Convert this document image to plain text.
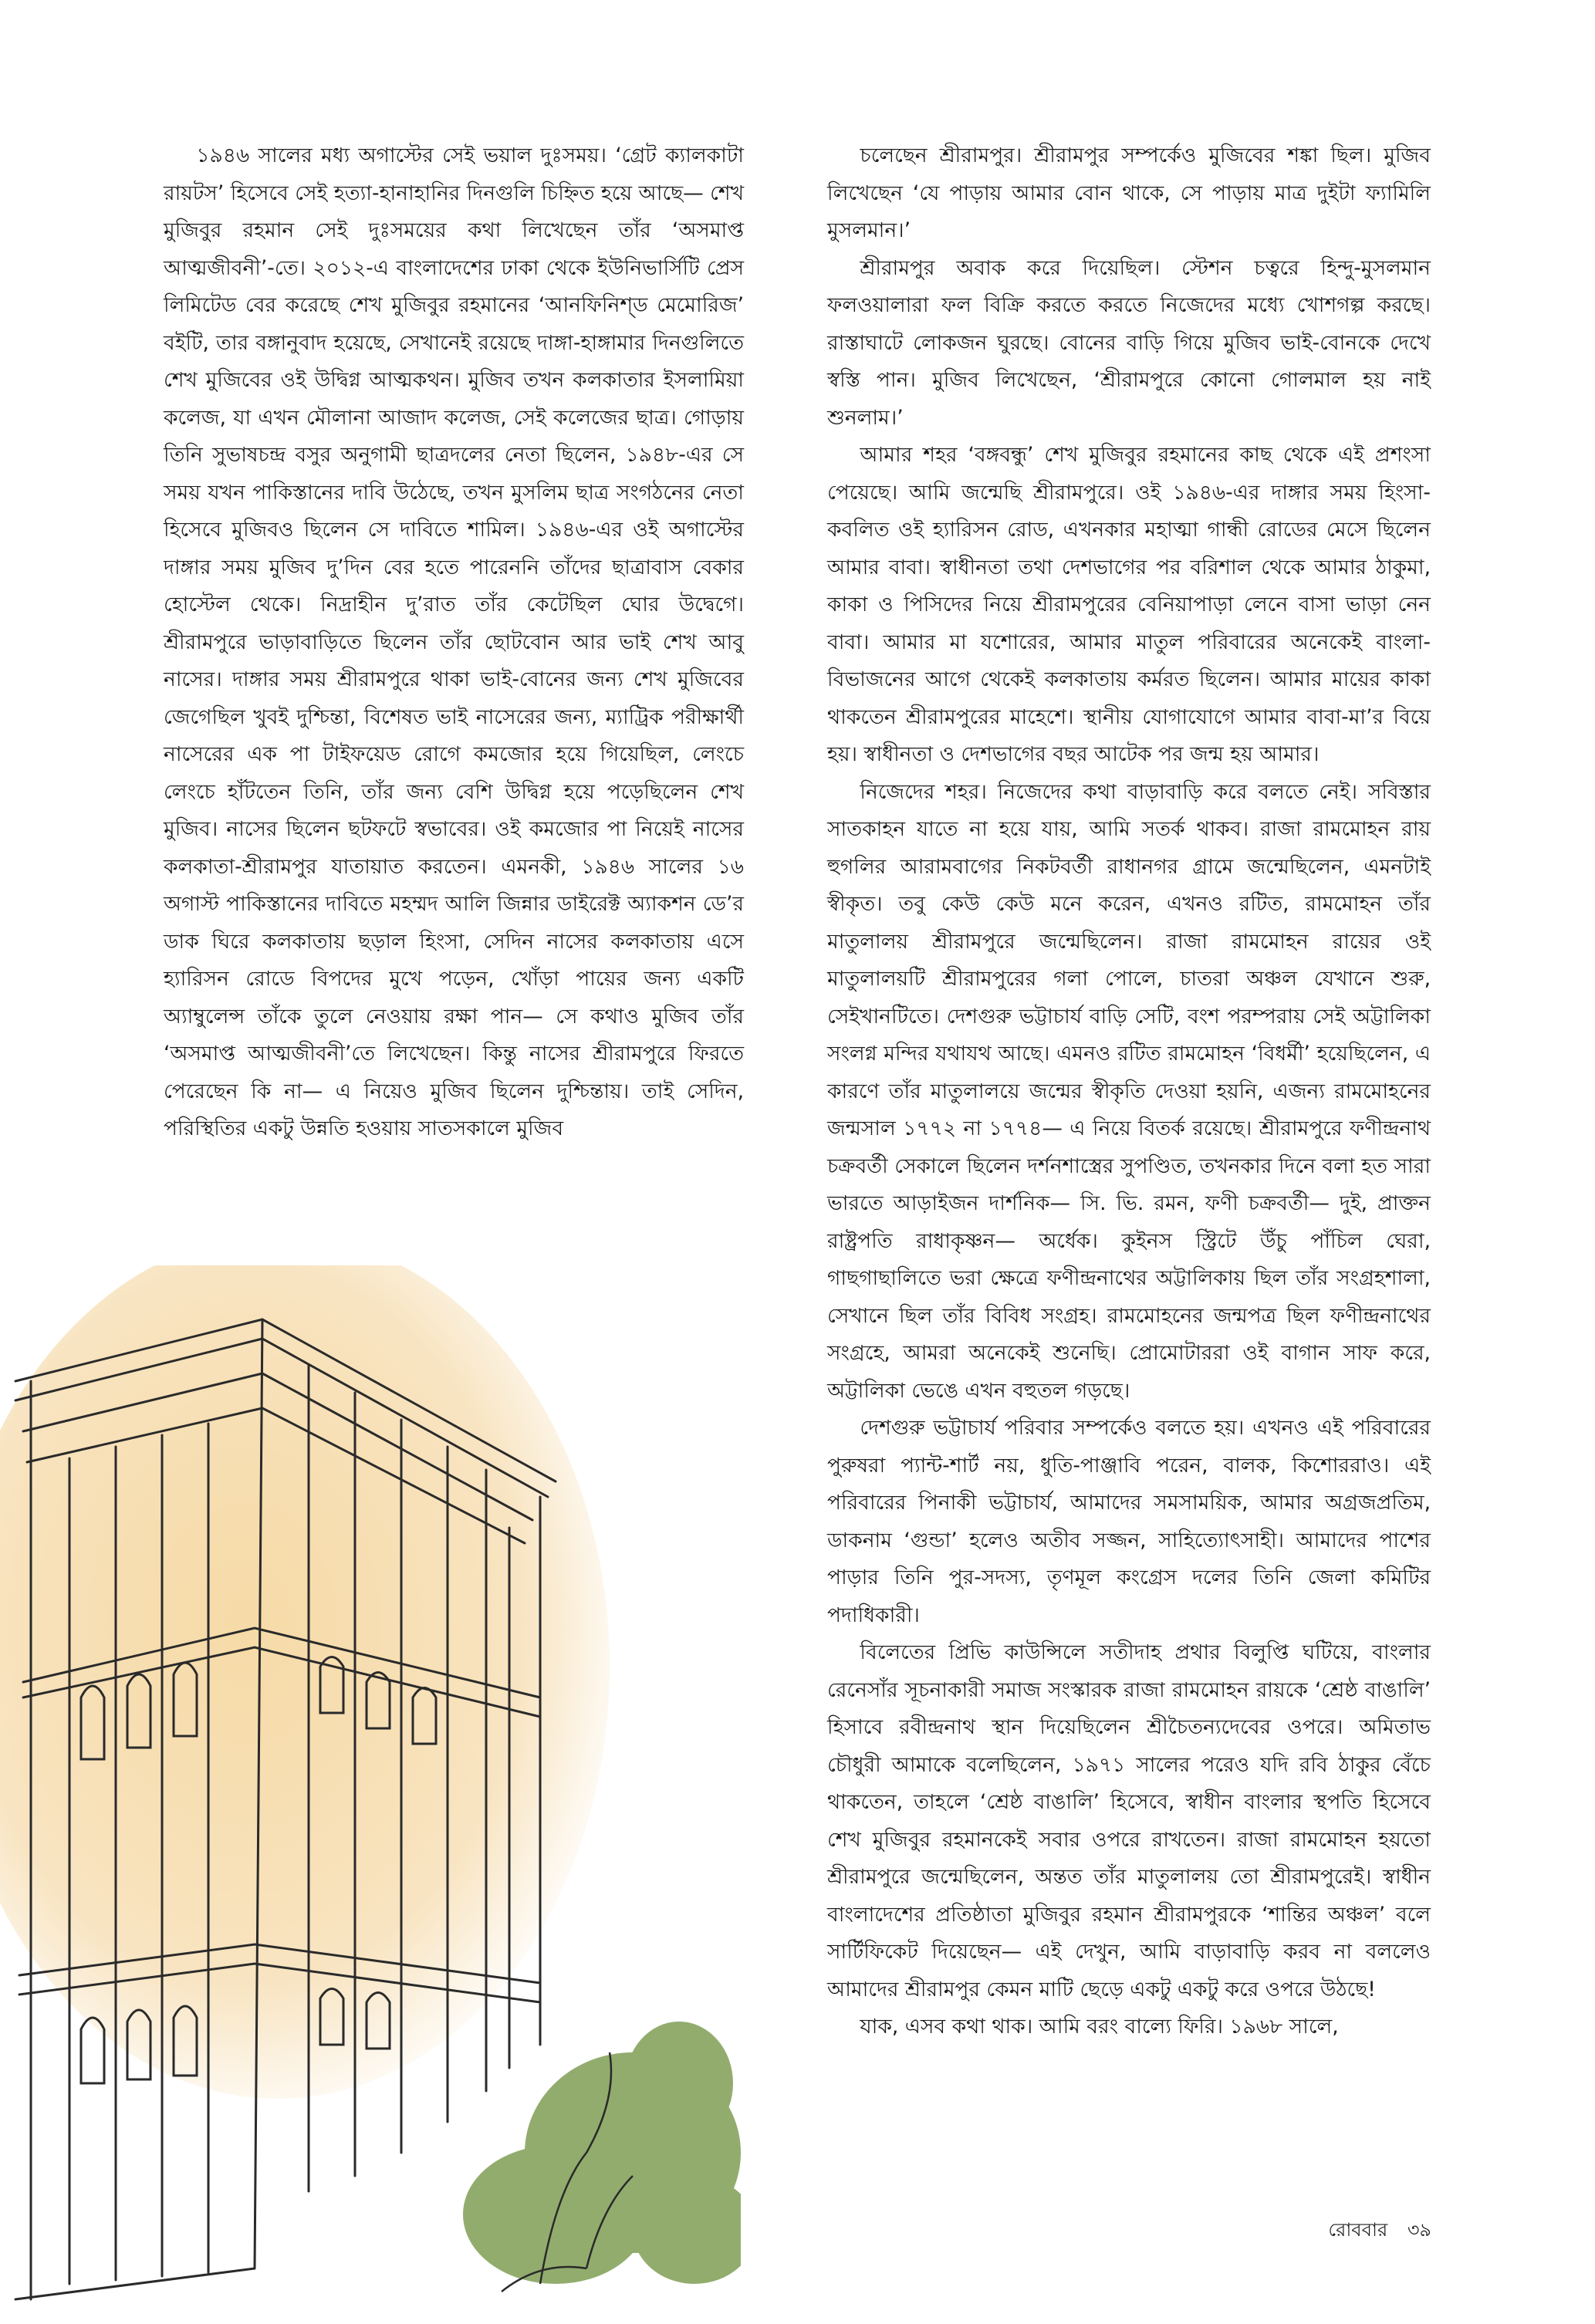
১৯৪৬ সালের মধ্য অগাস্টের সেই ভয়াল দুঃসময়। ‘গ্রেট ক্যালকাটা রায়টস’ হিসেবে সেই হত্যা-হানাহানির দিনগুলি চিহ্নিত হয়ে আছে— শেখ মুজিবুর রহমান সেই দুঃসময়ের কথা লিখেছেন তাঁর ‘অসমাপ্ত আত্মজীবনী’-তে। ২০১২-এ বাংলাদেশের ঢাকা থেকে ইউনিভার্সিটি প্রেস লিমিটেড বের করেছে শেখ মুজিবুর রহমানের ‘আনফিনিশ্‌ড মেমোরিজ’ বইটি, তার বঙ্গানুবাদ হয়েছে, সেখানেই রয়েছে দাঙ্গা-হাঙ্গামার দিনগুলিতে শেখ মুজিবের ওই উদ্বিগ্ন আত্মকথন। মুজিব তখন কলকাতার ইসলামিয়া কলেজ, যা এখন মৌলানা আজাদ কলেজ, সেই কলেজের ছাত্র। গোড়ায় তিনি সুভাষচন্দ্র বসুর অনুগামী ছাত্রদলের নেতা ছিলেন, ১৯৪৮-এর সে সময় যখন পাকিস্তানের দাবি উঠেছে, তখন মুসলিম ছাত্র সংগঠনের নেতা হিসেবে মুজিবও ছিলেন সে দাবিতে শামিল। ১৯৪৬-এর ওই অগাস্টের দাঙ্গার সময় মুজিব দু’দিন বের হতে পারেননি তাঁদের ছাত্রাবাস বেকার হোস্টেল থেকে। নিদ্রাহীন দু’রাত তাঁর কেটেছিল ঘোর উদ্বেগে। শ্রীরামপুরে ভাড়াবাড়িতে ছিলেন তাঁর ছোটবোন আর ভাই শেখ আবু নাসের। দাঙ্গার সময় শ্রীরামপুরে থাকা ভাই-বোনের জন্য শেখ মুজিবের জেগেছিল খুবই দুশ্চিন্তা, বিশেষত ভাই নাসেরের জন্য, ম্যাট্রিক পরীক্ষার্থী নাসেরের এক পা টাইফয়েড রোগে কমজোর হয়ে গিয়েছিল, লেংচে লেংচে হাঁটতেন তিনি, তাঁর জন্য বেশি উদ্বিগ্ন হয়ে পড়েছিলেন শেখ মুজিব। নাসের ছিলেন ছটফটে স্বভাবের। ওই কমজোর পা নিয়েই নাসের কলকাতা-শ্রীরামপুর যাতায়াত করতেন। এমনকী, ১৯৪৬ সালের ১৬ অগাস্ট পাকিস্তানের দাবিতে মহম্মদ আলি জিন্নার ডাইরেক্ট অ্যাকশন ডে’র ডাক ঘিরে কলকাতায় ছড়াল হিংসা, সেদিন নাসের কলকাতায় এসে হ্যারিসন রোডে বিপদের মুখে পড়েন, খোঁড়া পায়ের জন্য একটি অ্যাম্বুলেন্স তাঁকে তুলে নেওয়ায় রক্ষা পান— সে কথাও মুজিব তাঁর ‘অসমাপ্ত আত্মজীবনী’তে লিখেছেন। কিন্তু নাসের শ্রীরামপুরে ফিরতে পেরেছেন কি না— এ নিয়েও মুজিব ছিলেন দুশ্চিন্তায়। তাই সেদিন, পরিস্থিতির একটু উন্নতি হওয়ায় সাতসকালে মুজিব

চলেছেন শ্রীরামপুর। শ্রীরামপুর সম্পর্কেও মুজিবের শঙ্কা ছিল। মুজিব লিখেছেন ‘যে পাড়ায় আমার বোন থাকে, সে পাড়ায় মাত্র দুইটা ফ্যামিলি মুসলমান।’

শ্রীরামপুর অবাক করে দিয়েছিল। স্টেশন চত্বরে হিন্দু-মুসলমান ফলওয়ালারা ফল বিক্রি করতে করতে নিজেদের মধ্যে খোশগল্প করছে। রাস্তাঘাটে লোকজন ঘুরছে। বোনের বাড়ি গিয়ে মুজিব ভাই-বোনকে দেখে স্বস্তি পান। মুজিব লিখেছেন, ‘শ্রীরামপুরে কোনো গোলমাল হয় নাই শুনলাম।’

আমার শহর ‘বঙ্গবন্ধু’ শেখ মুজিবুর রহমানের কাছ থেকে এই প্রশংসা পেয়েছে। আমি জন্মেছি শ্রীরামপুরে। ওই ১৯৪৬-এর দাঙ্গার সময় হিংসা-কবলিত ওই হ্যারিসন রোড, এখনকার মহাত্মা গান্ধী রোডের মেসে ছিলেন আমার বাবা। স্বাধীনতা তথা দেশভাগের পর বরিশাল থেকে আমার ঠাকুমা, কাকা ও পিসিদের নিয়ে শ্রীরামপুরের বেনিয়াপাড়া লেনে বাসা ভাড়া নেন বাবা। আমার মা যশোরের, আমার মাতুল পরিবারের অনেকেই বাংলা-বিভাজনের আগে থেকেই কলকাতায় কর্মরত ছিলেন। আমার মায়ের কাকা থাকতেন শ্রীরামপুরের মাহেশে। স্থানীয় যোগাযোগে আমার বাবা-মা’র বিয়ে হয়। স্বাধীনতা ও দেশভাগের বছর আটেক পর জন্ম হয় আমার।

নিজেদের শহর। নিজেদের কথা বাড়াবাড়ি করে বলতে নেই। সবিস্তার সাতকাহন যাতে না হয়ে যায়, আমি সতর্ক থাকব। রাজা রামমোহন রায় হুগলির আরামবাগের নিকটবর্তী রাধানগর গ্রামে জন্মেছিলেন, এমনটাই স্বীকৃত। তবু কেউ কেউ মনে করেন, এখনও রটিত, রামমোহন তাঁর মাতুলালয় শ্রীরামপুরে জন্মেছিলেন। রাজা রামমোহন রায়ের ওই মাতুলালয়টি শ্রীরামপুরের গলা পোলে, চাতরা অঞ্চল যেখানে শুরু, সেইখানটিতে। দেশগুরু ভট্টাচার্য বাড়ি সেটি, বংশ পরম্পরায় সেই অট্টালিকা সংলগ্ন মন্দির যথাযথ আছে। এমনও রটিত রামমোহন ‘বিধর্মী’ হয়েছিলেন, এ কারণে তাঁর মাতুলালয়ে জন্মের স্বীকৃতি দেওয়া হয়নি, এজন্য রামমোহনের জন্মসাল ১৭৭২ না ১৭৭৪— এ নিয়ে বিতর্ক রয়েছে। শ্রীরামপুরে ফণীন্দ্রনাথ চক্রবর্তী সেকালে ছিলেন দর্শনশাস্ত্রের সুপণ্ডিত, তখনকার দিনে বলা হত সারা ভারতে আড়াইজন দার্শনিক— সি. ভি. রমন, ফণী চক্রবর্তী— দুই, প্রাক্তন রাষ্ট্রপতি রাধাকৃষ্ণন— অর্ধেক। কুইনস স্ট্রিটে উঁচু পাঁচিল ঘেরা, গাছগাছালিতে ভরা ক্ষেত্রে ফণীন্দ্রনাথের অট্টালিকায় ছিল তাঁর সংগ্রহশালা, সেখানে ছিল তাঁর বিবিধ সংগ্রহ। রামমোহনের জন্মপত্র ছিল ফণীন্দ্রনাথের সংগ্রহে, আমরা অনেকেই শুনেছি। প্রোমোটাররা ওই বাগান সাফ করে, অট্টালিকা ভেঙে এখন বহুতল গড়ছে।

দেশগুরু ভট্টাচার্য পরিবার সম্পর্কেও বলতে হয়। এখনও এই পরিবারের পুরুষরা প্যান্ট-শার্ট নয়, ধুতি-পাঞ্জাবি পরেন, বালক, কিশোররাও। এই পরিবারের পিনাকী ভট্টাচার্য, আমাদের সমসাময়িক, আমার অগ্রজপ্রতিম, ডাকনাম ‘গুন্ডা’ হলেও অতীব সজ্জন, সাহিত্যোৎসাহী। আমাদের পাশের পাড়ার তিনি পুর-সদস্য, তৃণমূল কংগ্রেস দলের তিনি জেলা কমিটির পদাধিকারী।

বিলেতের প্রিভি কাউন্সিলে সতীদাহ প্রথার বিলুপ্তি ঘটিয়ে, বাংলার রেনেসাঁর সূচনাকারী সমাজ সংস্কারক রাজা রামমোহন রায়কে ‘শ্রেষ্ঠ বাঙালি’ হিসাবে রবীন্দ্রনাথ স্থান দিয়েছিলেন শ্রীচৈতন্যদেবের ওপরে। অমিতাভ চৌধুরী আমাকে বলেছিলেন, ১৯৭১ সালের পরেও যদি রবি ঠাকুর বেঁচে থাকতেন, তাহলে ‘শ্রেষ্ঠ বাঙালি’ হিসেবে, স্বাধীন বাংলার স্থপতি হিসেবে শেখ মুজিবুর রহমানকেই সবার ওপরে রাখতেন। রাজা রামমোহন হয়তো শ্রীরামপুরে জন্মেছিলেন, অন্তত তাঁর মাতুলালয় তো শ্রীরামপুরেই। স্বাধীন বাংলাদেশের প্রতিষ্ঠাতা মুজিবুর রহমান শ্রীরামপুরকে ‘শান্তির অঞ্চল’ বলে সার্টিফিকেট দিয়েছেন— এই দেখুন, আমি বাড়াবাড়ি করব না বললেও আমাদের শ্রীরামপুর কেমন মাটি ছেড়ে একটু একটু করে ওপরে উঠছে!

যাক, এসব কথা থাক। আমি বরং বাল্যে ফিরি। ১৯৬৮ সালে,

রোববার ৩৯
